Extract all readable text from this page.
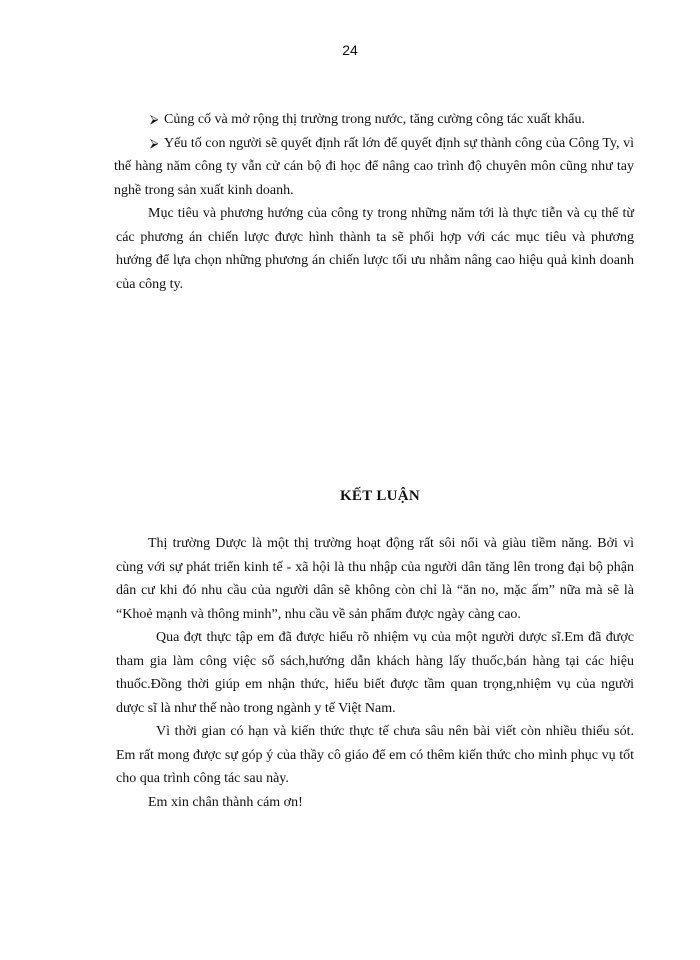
24

⮚ Củng cố và mở rộng thị trường trong nước, tăng cường công tác xuất khẩu.

⮚ Yếu tố con người sẽ quyết định rất lớn để quyết định sự thành công của Công Ty, vì thế hàng năm công ty vẫn cử cán bộ đi học để nâng cao trình độ chuyên môn cũng như tay nghề trong sản xuất kinh doanh.

Mục tiêu và phương hướng của công ty trong những năm tới là thực tiễn và cụ thể từ các phương án chiến lược được hình thành ta sẽ phối hợp với các mục tiêu và phương hướng để lựa chọn những phương án chiến lược tối ưu nhằm nâng cao hiệu quả kinh doanh của công ty.

KẾT LUẬN

Thị trường Dược là một thị trường hoạt động rất sôi nổi và giàu tiềm năng. Bởi vì cùng với sự phát triển kinh tế - xã hội là thu nhập của người dân tăng lên trong đại bộ phận dân cư khi đó nhu cầu của người dân sẽ không còn chỉ là “ăn no, mặc ấm” nữa mà sẽ là “Khoẻ mạnh và thông minh”, nhu cầu về sản phẩm được ngày càng cao.

Qua đợt thực tập em đã được hiểu rõ nhiệm vụ của một người dược sĩ.Em đã được tham gia làm công việc sổ sách,hướng dẫn khách hàng lấy thuốc,bán hàng tại các hiệu thuốc.Đồng thời giúp em nhận thức, hiểu biết được tầm quan trọng,nhiệm vụ của người dược sĩ là như thế nào trong ngành y tế Việt Nam.

Vì thời gian có hạn và kiến thức thực tế chưa sâu nên bài viết còn nhiều thiếu sót. Em rất mong được sự góp ý của thầy cô giáo để em có thêm kiến thức cho mình phục vụ tốt cho qua trình công tác sau này.

Em xin chân thành cám ơn!
